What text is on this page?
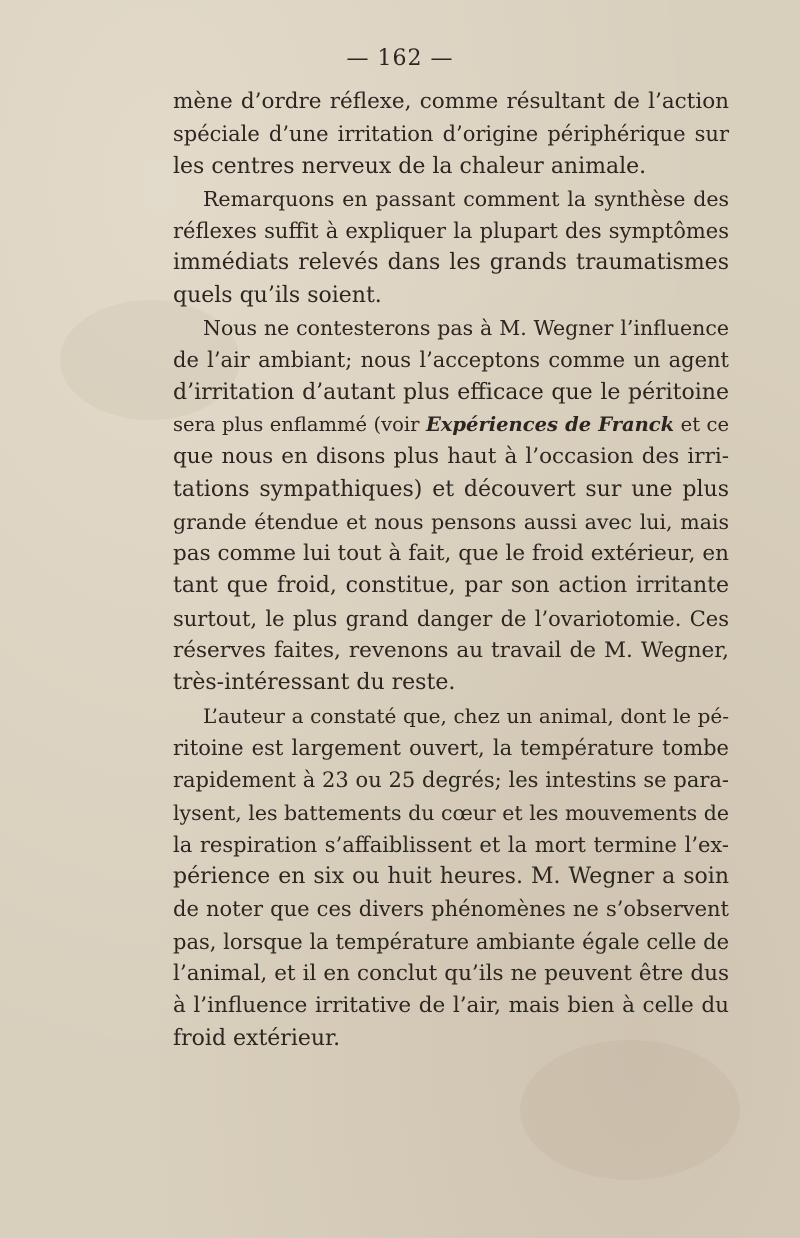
— 162 —
mène d’ordre réflexe, comme résultant de l’action
spéciale d’une irritation d’origine périphérique sur
les centres nerveux de la chaleur animale.
Remarquons en passant comment la synthèse des
réflexes suffit à expliquer la plupart des symptômes
immédiats relevés dans les grands traumatismes
quels qu’ils soient.
Nous ne contesterons pas à M. Wegner l’influence
de l’air ambiant; nous l’acceptons comme un agent
d’irritation d’autant plus efficace que le péritoine
sera plus enflammé (voir Expériences de Franck et ce
que nous en disons plus haut à l’occasion des irri-
tations sympathiques) et découvert sur une plus
grande étendue et nous pensons aussi avec lui, mais
pas comme lui tout à fait, que le froid extérieur, en
tant que froid, constitue, par son action irritante
surtout, le plus grand danger de l’ovariotomie. Ces
réserves faites, revenons au travail de M. Wegner,
très-intéressant du reste.
L’auteur a constaté que, chez un animal, dont le pé-
ritoine est largement ouvert, la température tombe
rapidement à 23 ou 25 degrés; les intestins se para-
lysent, les battements du cœur et les mouvements de
la respiration s’affaiblissent et la mort termine l’ex-
périence en six ou huit heures. M. Wegner a soin
de noter que ces divers phénomènes ne s’observent
pas, lorsque la température ambiante égale celle de
l’animal, et il en conclut qu’ils ne peuvent être dus
à l’influence irritative de l’air, mais bien à celle du
froid extérieur.
